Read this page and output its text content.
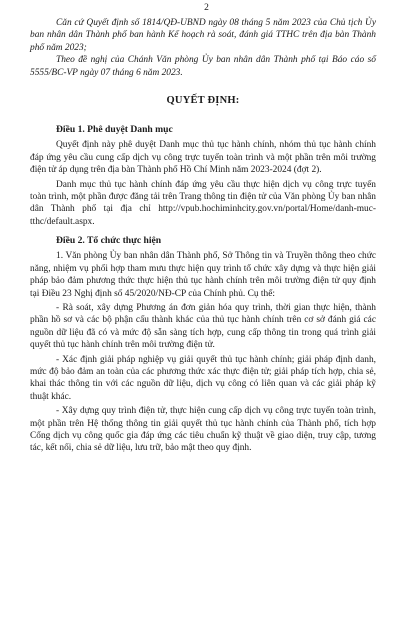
2

Căn cứ Quyết định số 1814/QĐ-UBND ngày 08 tháng 5 năm 2023 của Chủ tịch Ủy ban nhân dân Thành phố ban hành Kế hoạch rà soát, đánh giá TTHC trên địa bàn Thành phố năm 2023;

Theo đề nghị của Chánh Văn phòng Ủy ban nhân dân Thành phố tại Báo cáo số 5555/BC-VP ngày 07 tháng 6 năm 2023.

QUYẾT ĐỊNH:

Điều 1. Phê duyệt Danh mục

Quyết định này phê duyệt Danh mục thủ tục hành chính, nhóm thủ tục hành chính đáp ứng yêu cầu cung cấp dịch vụ công trực tuyến toàn trình và một phần trên môi trường điện tử áp dụng trên địa bàn Thành phố Hồ Chí Minh năm 2023-2024 (đợt 2).

Danh mục thủ tục hành chính đáp ứng yêu cầu thực hiện dịch vụ công trực tuyến toàn trình, một phần được đăng tải trên Trang thông tin điện tử của Văn phòng Ủy ban nhân dân Thành phố tại địa chỉ http://vpub.hochiminhcity.gov.vn/portal/Home/danh-muc-tthc/default.aspx.

Điều 2. Tổ chức thực hiện

1. Văn phòng Ủy ban nhân dân Thành phố, Sở Thông tin và Truyền thông theo chức năng, nhiệm vụ phối hợp tham mưu thực hiện quy trình tổ chức xây dựng và thực hiện giải pháp bảo đảm phương thức thực hiện thủ tục hành chính trên môi trường điện tử quy định tại Điều 23 Nghị định số 45/2020/NĐ-CP của Chính phủ. Cụ thể:

- Rà soát, xây dựng Phương án đơn giản hóa quy trình, thời gian thực hiện, thành phần hồ sơ và các bộ phận cấu thành khác của thủ tục hành chính trên cơ sở đánh giá các nguồn dữ liệu đã có và mức độ sẵn sàng tích hợp, cung cấp thông tin trong quá trình giải quyết thủ tục hành chính trên môi trường điện tử.

- Xác định giải pháp nghiệp vụ giải quyết thủ tục hành chính; giải pháp định danh, mức độ bảo đảm an toàn của các phương thức xác thực điện tử; giải pháp tích hợp, chia sẻ, khai thác thông tin với các nguồn dữ liệu, dịch vụ công có liên quan và các giải pháp kỹ thuật khác.

- Xây dựng quy trình điện tử, thực hiện cung cấp dịch vụ công trực tuyến toàn trình, một phần trên Hệ thống thông tin giải quyết thủ tục hành chính của Thành phố, tích hợp Cổng dịch vụ công quốc gia đáp ứng các tiêu chuẩn kỹ thuật về giao diện, truy cập, tương tác, kết nối, chia sẻ dữ liệu, lưu trữ, bảo mật theo quy định.
